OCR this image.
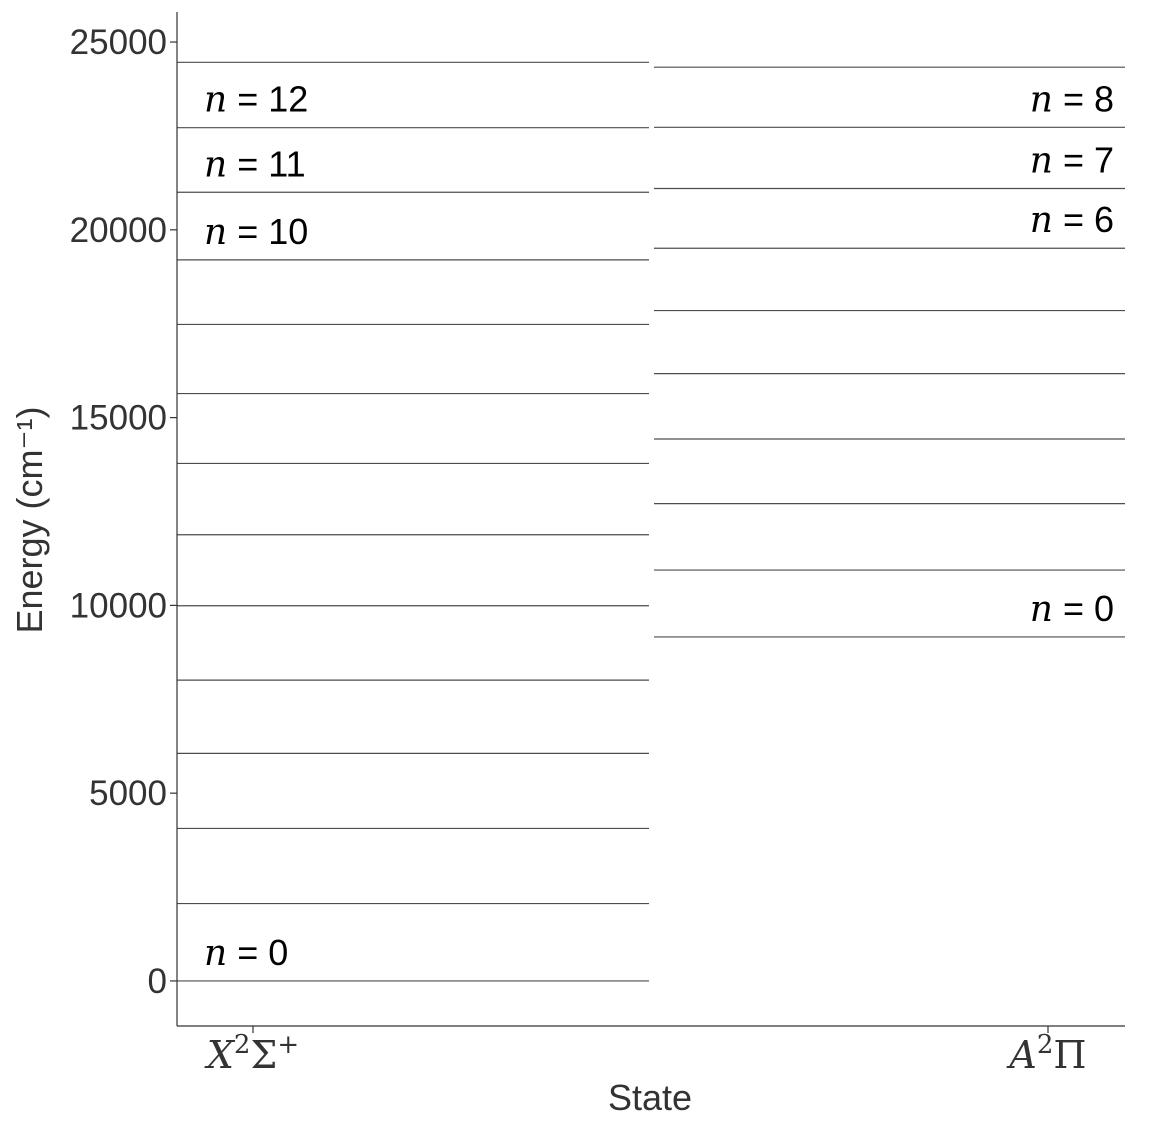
n = 0
n = 10
n = 11
n = 12
n = 0
n = 6
n = 7
n = 8
0
5000
10000
15000
20000
25000
$X^2\Sigma^+$	$A^2\Pi$
Energy (cm⁻¹)
State
